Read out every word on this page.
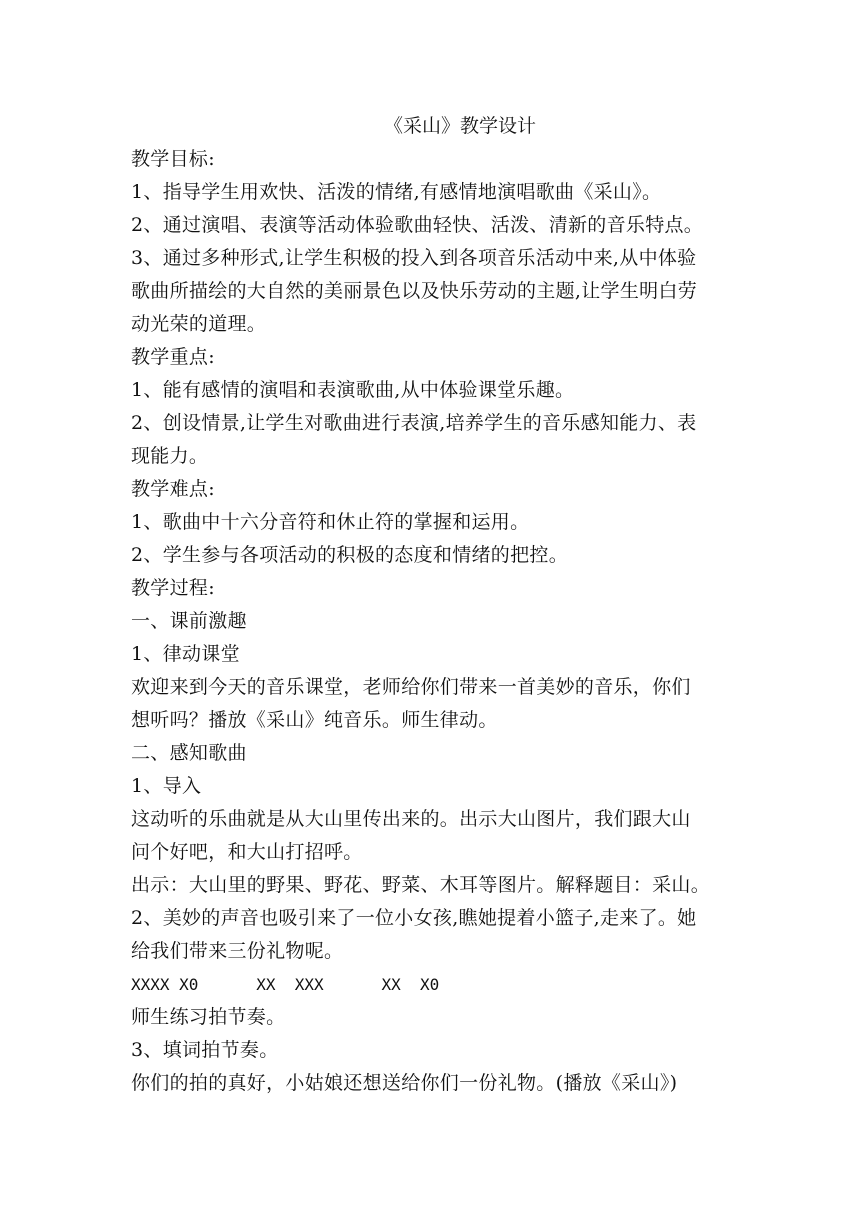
《采山》教学设计
教学目标:
1、指导学生用欢快、活泼的情绪,有感情地演唱歌曲《采山》。
2、通过演唱、表演等活动体验歌曲轻快、活泼、清新的音乐特点。
3、通过多种形式,让学生积极的投入到各项音乐活动中来,从中体验
歌曲所描绘的大自然的美丽景色以及快乐劳动的主题,让学生明白劳
动光荣的道理。
教学重点:
1、能有感情的演唱和表演歌曲,从中体验课堂乐趣。
2、创设情景,让学生对歌曲进行表演,培养学生的音乐感知能力、表
现能力。
教学难点:
1、歌曲中十六分音符和休止符的掌握和运用。
2、学生参与各项活动的积极的态度和情绪的把控。
教学过程:
一、课前激趣
1、律动课堂
欢迎来到今天的音乐课堂，老师给你们带来一首美妙的音乐，你们
想听吗？播放《采山》纯音乐。师生律动。
二、感知歌曲
1、导入
这动听的乐曲就是从大山里传出来的。出示大山图片，我们跟大山
问个好吧，和大山打招呼。
出示：大山里的野果、野花、野菜、木耳等图片。解释题目：采山。
2、美妙的声音也吸引来了一位小女孩,瞧她提着小篮子,走来了。她
给我们带来三份礼物呢。
XXXX X0      XX  XXX      XX  X0
师生练习拍节奏。
3、填词拍节奏。
你们的拍的真好，小姑娘还想送给你们一份礼物。(播放《采山》)
